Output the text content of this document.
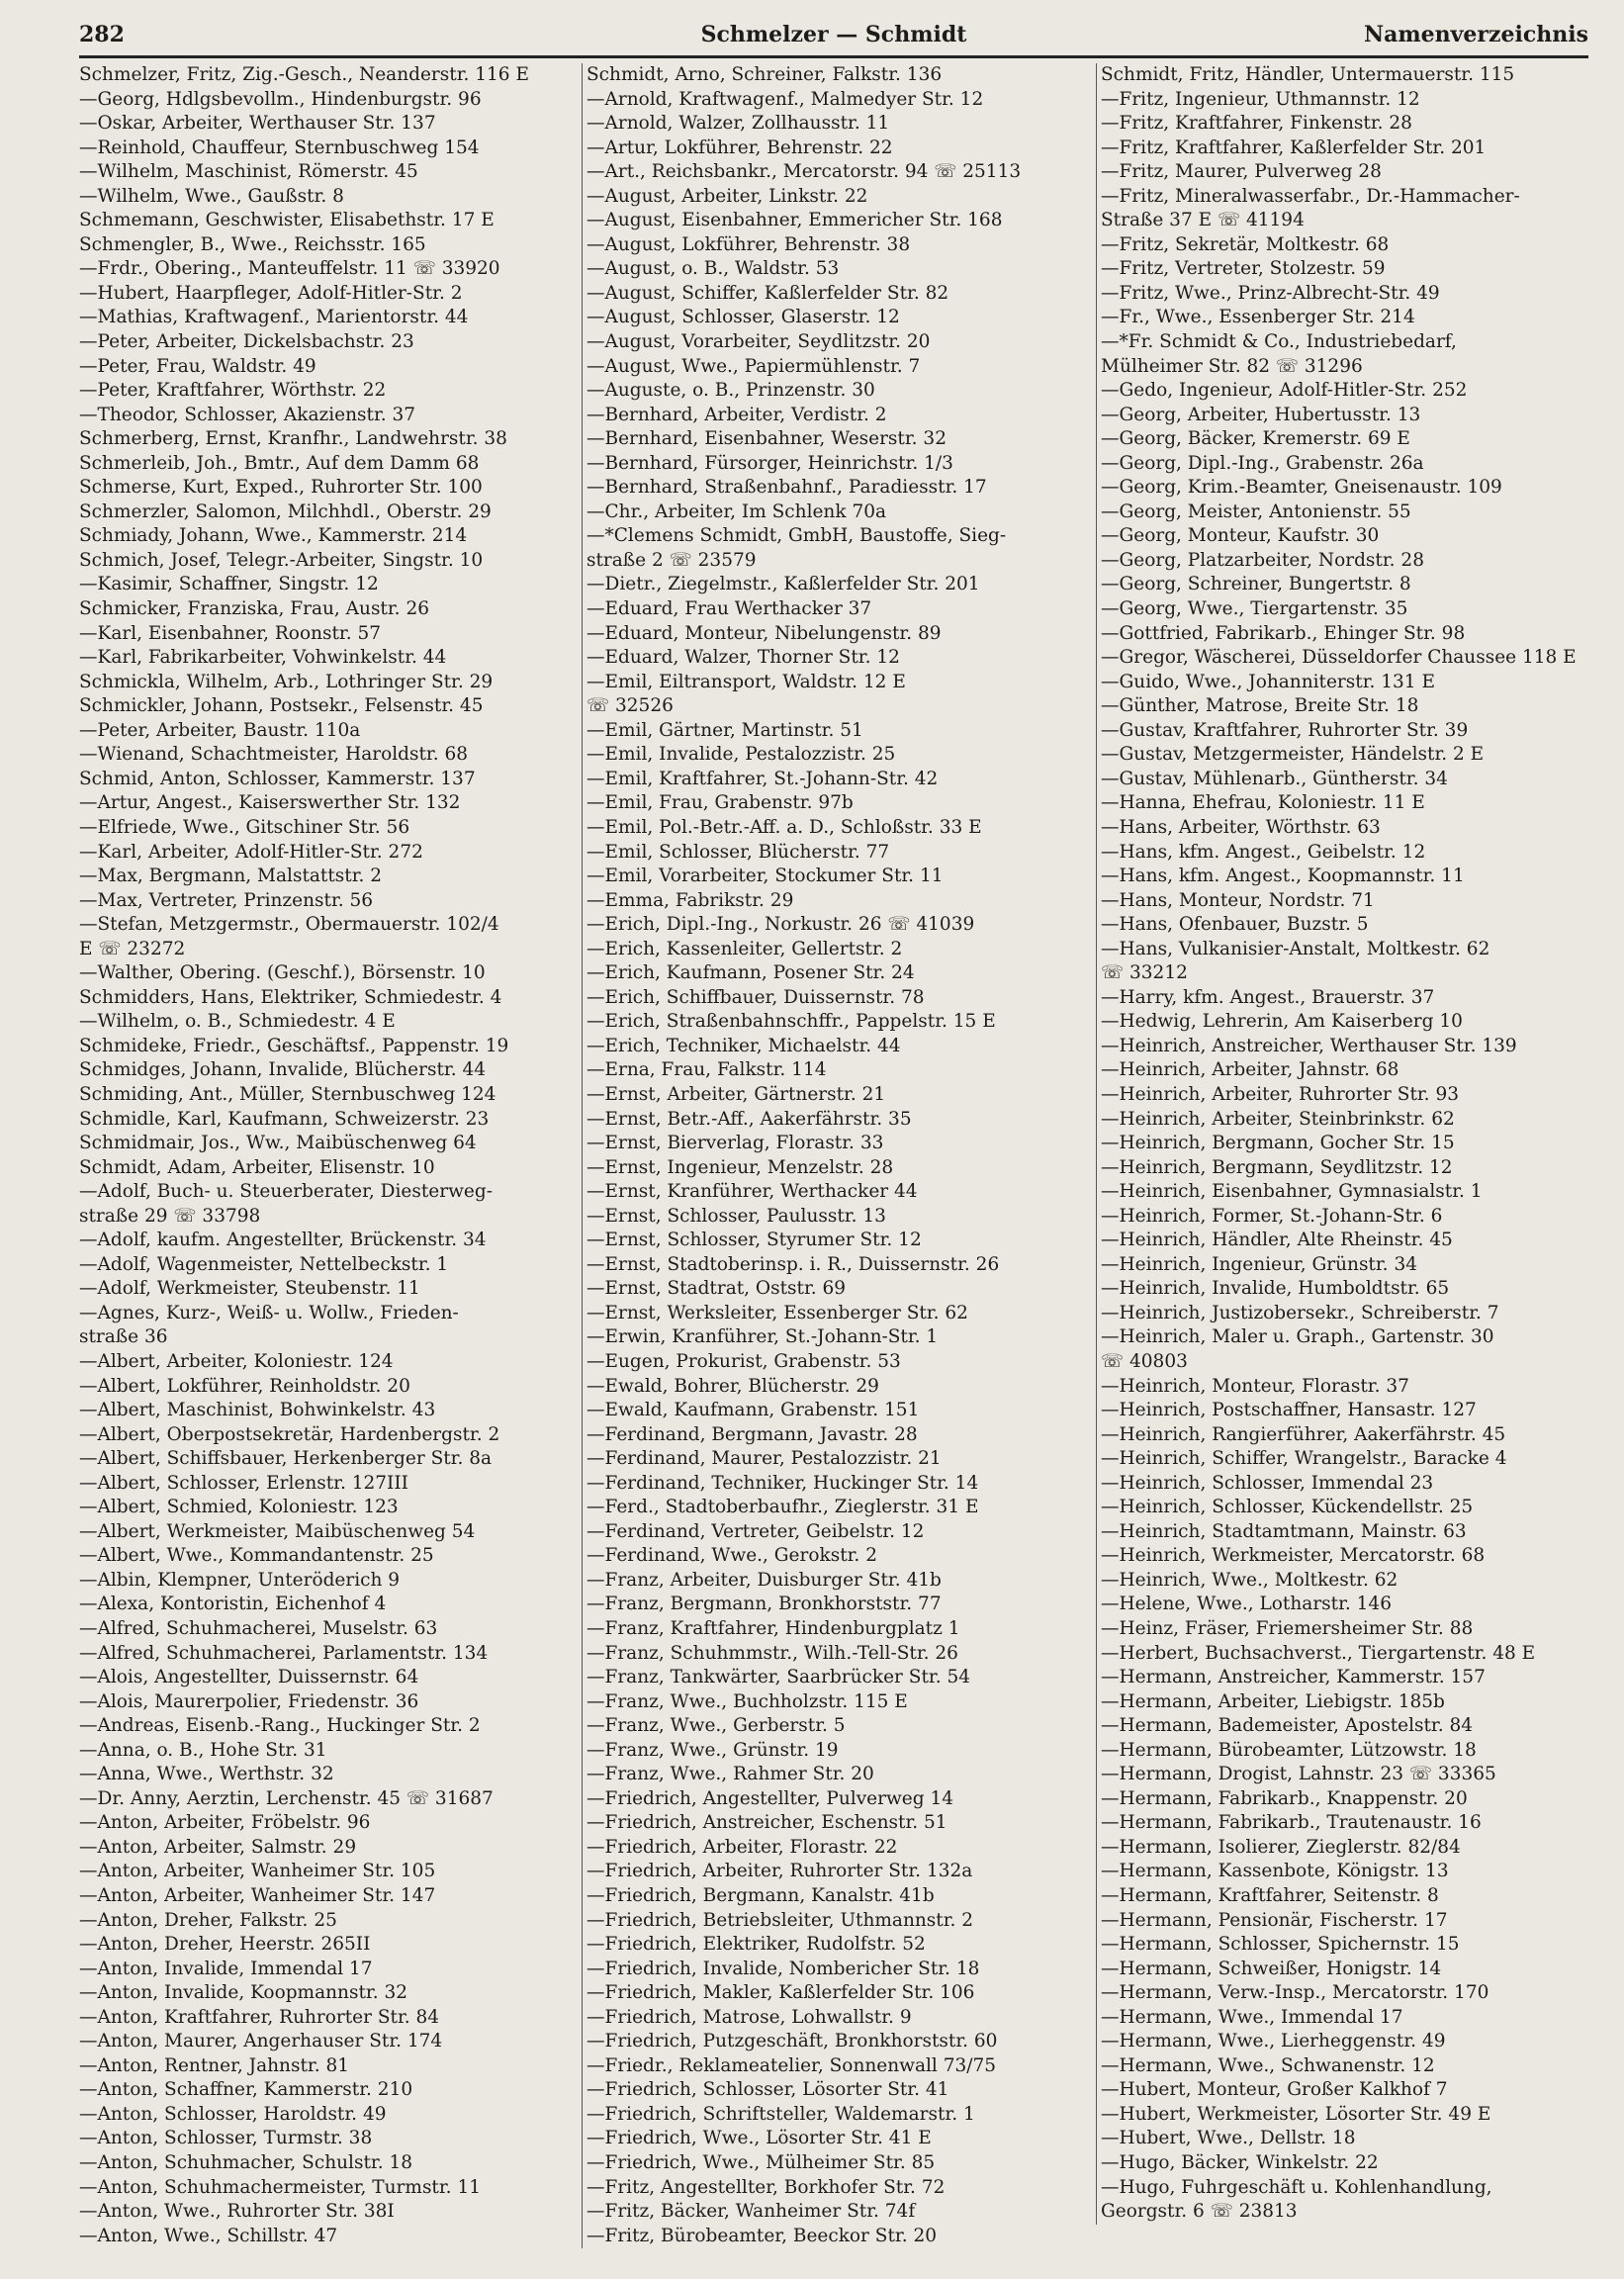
282	Schmelzer — Schmidt	Namenverzeichnis
Schmelzer, Fritz, Zig.-Gesch., Neanderstr. 116 E
—Georg, Hdlgsbevollm., Hindenburgstr. 96
—Oskar, Arbeiter, Werthauser Str. 137
—Reinhold, Chauffeur, Sternbuschweg 154
—Wilhelm, Maschinist, Römerstr. 45
—Wilhelm, Wwe., Gaußstr. 8
Schmemann, Geschwister, Elisabethstr. 17 E
Schmengler, B., Wwe., Reichsstr. 165
—Frdr., Obering., Manteuffelstr. 11 ☏ 33920
—Hubert, Haarpfleger, Adolf-Hitler-Str. 2
—Mathias, Kraftwagenf., Marientorstr. 44
—Peter, Arbeiter, Dickelsbachstr. 23
—Peter, Frau, Waldstr. 49
—Peter, Kraftfahrer, Wörthstr. 22
—Theodor, Schlosser, Akazienstr. 37
Schmerberg, Ernst, Kranfhr., Landwehrstr. 38
Schmerleib, Joh., Bmtr., Auf dem Damm 68
Schmerse, Kurt, Exped., Ruhrorter Str. 100
Schmerzler, Salomon, Milchhdl., Oberstr. 29
Schmiady, Johann, Wwe., Kammerstr. 214
Schmich, Josef, Telegr.-Arbeiter, Singstr. 10
—Kasimir, Schaffner, Singstr. 12
Schmicker, Franziska, Frau, Austr. 26
—Karl, Eisenbahner, Roonstr. 57
—Karl, Fabrikarbeiter, Vohwinkelstr. 44
Schmickla, Wilhelm, Arb., Lothringer Str. 29
Schmickler, Johann, Postsekr., Felsenstr. 45
—Peter, Arbeiter, Baustr. 110a
—Wienand, Schachtmeister, Haroldstr. 68
Schmid, Anton, Schlosser, Kammerstr. 137
—Artur, Angest., Kaiserswerther Str. 132
—Elfriede, Wwe., Gitschiner Str. 56
—Karl, Arbeiter, Adolf-Hitler-Str. 272
—Max, Bergmann, Malstattstr. 2
—Max, Vertreter, Prinzenstr. 56
—Stefan, Metzgermstr., Obermauerstr. 102/4
E ☏ 23272
—Walther, Obering. (Geschf.), Börsenstr. 10
Schmidders, Hans, Elektriker, Schmiedestr. 4
—Wilhelm, o. B., Schmiedestr. 4 E
Schmideke, Friedr., Geschäftsf., Pappenstr. 19
Schmidges, Johann, Invalide, Blücherstr. 44
Schmiding, Ant., Müller, Sternbuschweg 124
Schmidle, Karl, Kaufmann, Schweizerstr. 23
Schmidmair, Jos., Ww., Maibüschenweg 64
Schmidt, Adam, Arbeiter, Elisenstr. 10
—Adolf, Buch- u. Steuerberater, Diesterweg-
straße 29 ☏ 33798
—Adolf, kaufm. Angestellter, Brückenstr. 34
—Adolf, Wagenmeister, Nettelbeckstr. 1
—Adolf, Werkmeister, Steubenstr. 11
—Agnes, Kurz-, Weiß- u. Wollw., Frieden-
straße 36
—Albert, Arbeiter, Koloniestr. 124
—Albert, Lokführer, Reinholdstr. 20
—Albert, Maschinist, Bohwinkelstr. 43
—Albert, Oberpostsekretär, Hardenbergstr. 2
—Albert, Schiffsbauer, Herkenberger Str. 8a
—Albert, Schlosser, Erlenstr. 127III
—Albert, Schmied, Koloniestr. 123
—Albert, Werkmeister, Maibüschenweg 54
—Albert, Wwe., Kommandantenstr. 25
—Albin, Klempner, Unteröderich 9
—Alexa, Kontoristin, Eichenhof 4
—Alfred, Schuhmacherei, Muselstr. 63
—Alfred, Schuhmacherei, Parlamentstr. 134
—Alois, Angestellter, Duissernstr. 64
—Alois, Maurerpolier, Friedenstr. 36
—Andreas, Eisenb.-Rang., Huckinger Str. 2
—Anna, o. B., Hohe Str. 31
—Anna, Wwe., Werthstr. 32
—Dr. Anny, Aerztin, Lerchenstr. 45 ☏ 31687
—Anton, Arbeiter, Fröbelstr. 96
—Anton, Arbeiter, Salmstr. 29
—Anton, Arbeiter, Wanheimer Str. 105
—Anton, Arbeiter, Wanheimer Str. 147
—Anton, Dreher, Falkstr. 25
—Anton, Dreher, Heerstr. 265II
—Anton, Invalide, Immendal 17
—Anton, Invalide, Koopmannstr. 32
—Anton, Kraftfahrer, Ruhrorter Str. 84
—Anton, Maurer, Angerhauser Str. 174
—Anton, Rentner, Jahnstr. 81
—Anton, Schaffner, Kammerstr. 210
—Anton, Schlosser, Haroldstr. 49
—Anton, Schlosser, Turmstr. 38
—Anton, Schuhmacher, Schulstr. 18
—Anton, Schuhmachermeister, Turmstr. 11
—Anton, Wwe., Ruhrorter Str. 38I
—Anton, Wwe., Schillstr. 47
Schmidt, Arno, Schreiner, Falkstr. 136
—Arnold, Kraftwagenf., Malmedyer Str. 12
—Arnold, Walzer, Zollhausstr. 11
—Artur, Lokführer, Behrenstr. 22
—Art., Reichsbankr., Mercatorstr. 94 ☏ 25113
—August, Arbeiter, Linkstr. 22
—August, Eisenbahner, Emmericher Str. 168
—August, Lokführer, Behrenstr. 38
—August, o. B., Waldstr. 53
—August, Schiffer, Kaßlerfelder Str. 82
—August, Schlosser, Glaserstr. 12
—August, Vorarbeiter, Seydlitzstr. 20
—August, Wwe., Papiermühlenstr. 7
—Auguste, o. B., Prinzenstr. 30
—Bernhard, Arbeiter, Verdistr. 2
—Bernhard, Eisenbahner, Weserstr. 32
—Bernhard, Fürsorger, Heinrichstr. 1/3
—Bernhard, Straßenbahnf., Paradiesstr. 17
—Chr., Arbeiter, Im Schlenk 70a
—*Clemens Schmidt, GmbH, Baustoffe, Sieg-
straße 2 ☏ 23579
—Dietr., Ziegelmstr., Kaßlerfelder Str. 201
—Eduard, Frau Werthacker 37
—Eduard, Monteur, Nibelungenstr. 89
—Eduard, Walzer, Thorner Str. 12
—Emil, Eiltransport, Waldstr. 12 E
☏ 32526
—Emil, Gärtner, Martinstr. 51
—Emil, Invalide, Pestalozzistr. 25
—Emil, Kraftfahrer, St.-Johann-Str. 42
—Emil, Frau, Grabenstr. 97b
—Emil, Pol.-Betr.-Aff. a. D., Schloßstr. 33 E
—Emil, Schlosser, Blücherstr. 77
—Emil, Vorarbeiter, Stockumer Str. 11
—Emma, Fabrikstr. 29
—Erich, Dipl.-Ing., Norkustr. 26 ☏ 41039
—Erich, Kassenleiter, Gellertstr. 2
—Erich, Kaufmann, Posener Str. 24
—Erich, Schiffbauer, Duissernstr. 78
—Erich, Straßenbahnschffr., Pappelstr. 15 E
—Erich, Techniker, Michaelstr. 44
—Erna, Frau, Falkstr. 114
—Ernst, Arbeiter, Gärtnerstr. 21
—Ernst, Betr.-Aff., Aakerfährstr. 35
—Ernst, Bierverlag, Florastr. 33
—Ernst, Ingenieur, Menzelstr. 28
—Ernst, Kranführer, Werthacker 44
—Ernst, Schlosser, Paulusstr. 13
—Ernst, Schlosser, Styrumer Str. 12
—Ernst, Stadtoberinsp. i. R., Duissernstr. 26
—Ernst, Stadtrat, Oststr. 69
—Ernst, Werksleiter, Essenberger Str. 62
—Erwin, Kranführer, St.-Johann-Str. 1
—Eugen, Prokurist, Grabenstr. 53
—Ewald, Bohrer, Blücherstr. 29
—Ewald, Kaufmann, Grabenstr. 151
—Ferdinand, Bergmann, Javastr. 28
—Ferdinand, Maurer, Pestalozzistr. 21
—Ferdinand, Techniker, Huckinger Str. 14
—Ferd., Stadtoberbaufhr., Zieglerstr. 31 E
—Ferdinand, Vertreter, Geibelstr. 12
—Ferdinand, Wwe., Gerokstr. 2
—Franz, Arbeiter, Duisburger Str. 41b
—Franz, Bergmann, Bronkhorststr. 77
—Franz, Kraftfahrer, Hindenburgplatz 1
—Franz, Schuhmmstr., Wilh.-Tell-Str. 26
—Franz, Tankwärter, Saarbrücker Str. 54
—Franz, Wwe., Buchholzstr. 115 E
—Franz, Wwe., Gerberstr. 5
—Franz, Wwe., Grünstr. 19
—Franz, Wwe., Rahmer Str. 20
—Friedrich, Angestellter, Pulverweg 14
—Friedrich, Anstreicher, Eschenstr. 51
—Friedrich, Arbeiter, Florastr. 22
—Friedrich, Arbeiter, Ruhrorter Str. 132a
—Friedrich, Bergmann, Kanalstr. 41b
—Friedrich, Betriebsleiter, Uthmannstr. 2
—Friedrich, Elektriker, Rudolfstr. 52
—Friedrich, Invalide, Nombericher Str. 18
—Friedrich, Makler, Kaßlerfelder Str. 106
—Friedrich, Matrose, Lohwallstr. 9
—Friedrich, Putzgeschäft, Bronkhorststr. 60
—Friedr., Reklameatelier, Sonnenwall 73/75
—Friedrich, Schlosser, Lösorter Str. 41
—Friedrich, Schriftsteller, Waldemarstr. 1
—Friedrich, Wwe., Lösorter Str. 41 E
—Friedrich, Wwe., Mülheimer Str. 85
—Fritz, Angestellter, Borkhofer Str. 72
—Fritz, Bäcker, Wanheimer Str. 74f
—Fritz, Bürobeamter, Beeckor Str. 20
Schmidt, Fritz, Händler, Untermauerstr. 115
—Fritz, Ingenieur, Uthmannstr. 12
—Fritz, Kraftfahrer, Finkenstr. 28
—Fritz, Kraftfahrer, Kaßlerfelder Str. 201
—Fritz, Maurer, Pulverweg 28
—Fritz, Mineralwasserfabr., Dr.-Hammacher-
Straße 37 E ☏ 41194
—Fritz, Sekretär, Moltkestr. 68
—Fritz, Vertreter, Stolzestr. 59
—Fritz, Wwe., Prinz-Albrecht-Str. 49
—Fr., Wwe., Essenberger Str. 214
—*Fr. Schmidt & Co., Industriebedarf,
Mülheimer Str. 82 ☏ 31296
—Gedo, Ingenieur, Adolf-Hitler-Str. 252
—Georg, Arbeiter, Hubertusstr. 13
—Georg, Bäcker, Kremerstr. 69 E
—Georg, Dipl.-Ing., Grabenstr. 26a
—Georg, Krim.-Beamter, Gneisenaustr. 109
—Georg, Meister, Antonienstr. 55
—Georg, Monteur, Kaufstr. 30
—Georg, Platzarbeiter, Nordstr. 28
—Georg, Schreiner, Bungertstr. 8
—Georg, Wwe., Tiergartenstr. 35
—Gottfried, Fabrikarb., Ehinger Str. 98
—Gregor, Wäscherei, Düsseldorfer Chaussee 118 E
—Guido, Wwe., Johanniterstr. 131 E
—Günther, Matrose, Breite Str. 18
—Gustav, Kraftfahrer, Ruhrorter Str. 39
—Gustav, Metzgermeister, Händelstr. 2 E
—Gustav, Mühlenarb., Güntherstr. 34
—Hanna, Ehefrau, Koloniestr. 11 E
—Hans, Arbeiter, Wörthstr. 63
—Hans, kfm. Angest., Geibelstr. 12
—Hans, kfm. Angest., Koopmannstr. 11
—Hans, Monteur, Nordstr. 71
—Hans, Ofenbauer, Buzstr. 5
—Hans, Vulkanisier-Anstalt, Moltkestr. 62
☏ 33212
—Harry, kfm. Angest., Brauerstr. 37
—Hedwig, Lehrerin, Am Kaiserberg 10
—Heinrich, Anstreicher, Werthauser Str. 139
—Heinrich, Arbeiter, Jahnstr. 68
—Heinrich, Arbeiter, Ruhrorter Str. 93
—Heinrich, Arbeiter, Steinbrinkstr. 62
—Heinrich, Bergmann, Gocher Str. 15
—Heinrich, Bergmann, Seydlitzstr. 12
—Heinrich, Eisenbahner, Gymnasialstr. 1
—Heinrich, Former, St.-Johann-Str. 6
—Heinrich, Händler, Alte Rheinstr. 45
—Heinrich, Ingenieur, Grünstr. 34
—Heinrich, Invalide, Humboldtstr. 65
—Heinrich, Justizobersekr., Schreiberstr. 7
—Heinrich, Maler u. Graph., Gartenstr. 30
☏ 40803
—Heinrich, Monteur, Florastr. 37
—Heinrich, Postschaffner, Hansastr. 127
—Heinrich, Rangierführer, Aakerfährstr. 45
—Heinrich, Schiffer, Wrangelstr., Baracke 4
—Heinrich, Schlosser, Immendal 23
—Heinrich, Schlosser, Kückendellstr. 25
—Heinrich, Stadtamtmann, Mainstr. 63
—Heinrich, Werkmeister, Mercatorstr. 68
—Heinrich, Wwe., Moltkestr. 62
—Helene, Wwe., Lotharstr. 146
—Heinz, Fräser, Friemersheimer Str. 88
—Herbert, Buchsachverst., Tiergartenstr. 48 E
—Hermann, Anstreicher, Kammerstr. 157
—Hermann, Arbeiter, Liebigstr. 185b
—Hermann, Bademeister, Apostelstr. 84
—Hermann, Bürobeamter, Lützowstr. 18
—Hermann, Drogist, Lahnstr. 23 ☏ 33365
—Hermann, Fabrikarb., Knappenstr. 20
—Hermann, Fabrikarb., Trautenaustr. 16
—Hermann, Isolierer, Zieglerstr. 82/84
—Hermann, Kassenbote, Königstr. 13
—Hermann, Kraftfahrer, Seitenstr. 8
—Hermann, Pensionär, Fischerstr. 17
—Hermann, Schlosser, Spichernstr. 15
—Hermann, Schweißer, Honigstr. 14
—Hermann, Verw.-Insp., Mercatorstr. 170
—Hermann, Wwe., Immendal 17
—Hermann, Wwe., Lierheggenstr. 49
—Hermann, Wwe., Schwanenstr. 12
—Hubert, Monteur, Großer Kalkhof 7
—Hubert, Werkmeister, Lösorter Str. 49 E
—Hubert, Wwe., Dellstr. 18
—Hugo, Bäcker, Winkelstr. 22
—Hugo, Fuhrgeschäft u. Kohlenhandlung,
Georgstr. 6 ☏ 23813
